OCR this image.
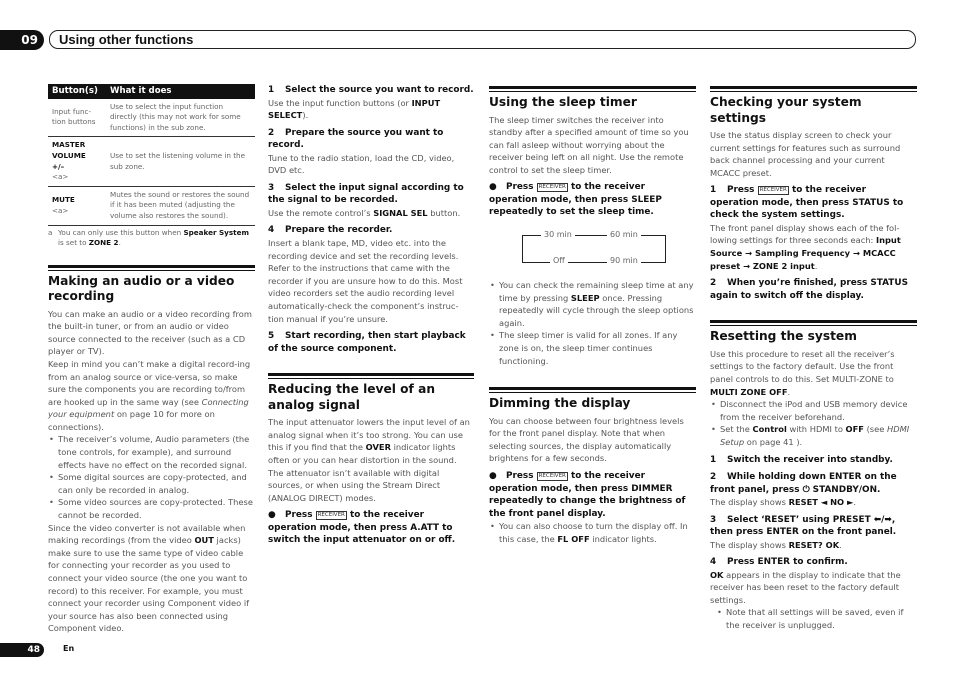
09	Using other functions
Button(s)	What it does
Input func-tion buttons	Use to select the input function directly (this may not work for some functions) in the sub zone.
MASTER
VOLUME
+/–
<a>	Use to set the listening volume in the sub zone.
MUTE
<a>	Mutes the sound or restores the sound if it has been muted (adjusting the volume also restores the sound).
a You can only use this button when Speaker System is set to ZONE 2.
Making an audio or a video recording

You can make an audio or a video recording from the built-in tuner, or from an audio or video source connected to the receiver (such as a CD player or TV).

Keep in mind you can’t make a digital record-ing from an analog source or vice-versa, so make sure the components you are recording to/from are hooked up in the same way (see Connecting your equipment on page 10 for more on connections).

• The receiver’s volume, Audio parameters (the tone controls, for example), and surround effects have no effect on the recorded signal.
• Some digital sources are copy-protected, and can only be recorded in analog.
• Some video sources are copy-protected. These cannot be recorded.

Since the video converter is not available when making recordings (from the video OUT jacks) make sure to use the same type of video cable for connecting your recorder as you used to connect your video source (the one you want to record) to this receiver. For example, you must connect your recorder using Component video if your source has also been connected using Component video.

1 Select the source you want to record.

Use the input function buttons (or INPUT SELECT).

2 Prepare the source you want to record.

Tune to the radio station, load the CD, video, DVD etc.

3 Select the input signal according to the signal to be recorded.

Use the remote control’s SIGNAL SEL button.

4 Prepare the recorder.

Insert a blank tape, MD, video etc. into the recording device and set the recording levels. Refer to the instructions that came with the recorder if you are unsure how to do this. Most video recorders set the audio recording level automatically-check the component’s instruc-tion manual if you’re unsure.

5 Start recording, then start playback of the source component.
Reducing the level of an analog signal

The input attenuator lowers the input level of an analog signal when it’s too strong. You can use this if you find that the OVER indicator lights often or you can hear distortion in the sound. The attenuator isn’t available with digital sources, or when using the Stream Direct (ANALOG DIRECT) modes.

●   Press RECEIVER to the receiver operation mode, then press A.ATT to switch the input attenuator on or off.
Using the sleep timer

The sleep timer switches the receiver into standby after a specified amount of time so you can fall asleep without worrying about the receiver being left on all night. Use the remote control to set the sleep timer.

●   Press RECEIVER to the receiver operation mode, then press SLEEP repeatedly to set the sleep time.
30 min	60 min
90 min
Off
• You can check the remaining sleep time at any time by pressing SLEEP once. Pressing repeatedly will cycle through the sleep options again.
• The sleep timer is valid for all zones. If any zone is on, the sleep timer continues functioning.
Dimming the display

You can choose between four brightness levels for the front panel display. Note that when selecting sources, the display automatically brightens for a few seconds.

●   Press RECEIVER to the receiver operation mode, then press DIMMER repeatedly to change the brightness of the front panel display.
• You can also choose to turn the display off. In this case, the FL OFF indicator lights.
Checking your system settings

Use the status display screen to check your current settings for features such as surround back channel processing and your current MCACC preset.

1 Press RECEIVER to the receiver operation mode, then press STATUS to check the system settings.

The front panel display shows each of the fol-lowing settings for three seconds each: Input Source → Sampling Frequency → MCACC preset → ZONE 2 input.

2 When you’re finished, press STATUS again to switch off the display.
Resetting the system

Use this procedure to reset all the receiver’s settings to the factory default. Use the front panel controls to do this. Set MULTI-ZONE to MULTI ZONE OFF.

• Disconnect the iPod and USB memory device from the receiver beforehand.
• Set the Control with HDMI to OFF (see HDMI Setup on page 41 ).
1 Switch the receiver into standby.
2 While holding down ENTER on the front panel, press ⏻ STANDBY/ON.

The display shows RESET ◄ NO ►.

3 Select ‘RESET’ using PRESET ⬅/➡, then press ENTER on the front panel.

The display shows RESET? OK.

4 Press ENTER to confirm.

OK appears in the display to indicate that the receiver has been reset to the factory default settings.

• Note that all settings will be saved, even if the receiver is unplugged.
48	En
